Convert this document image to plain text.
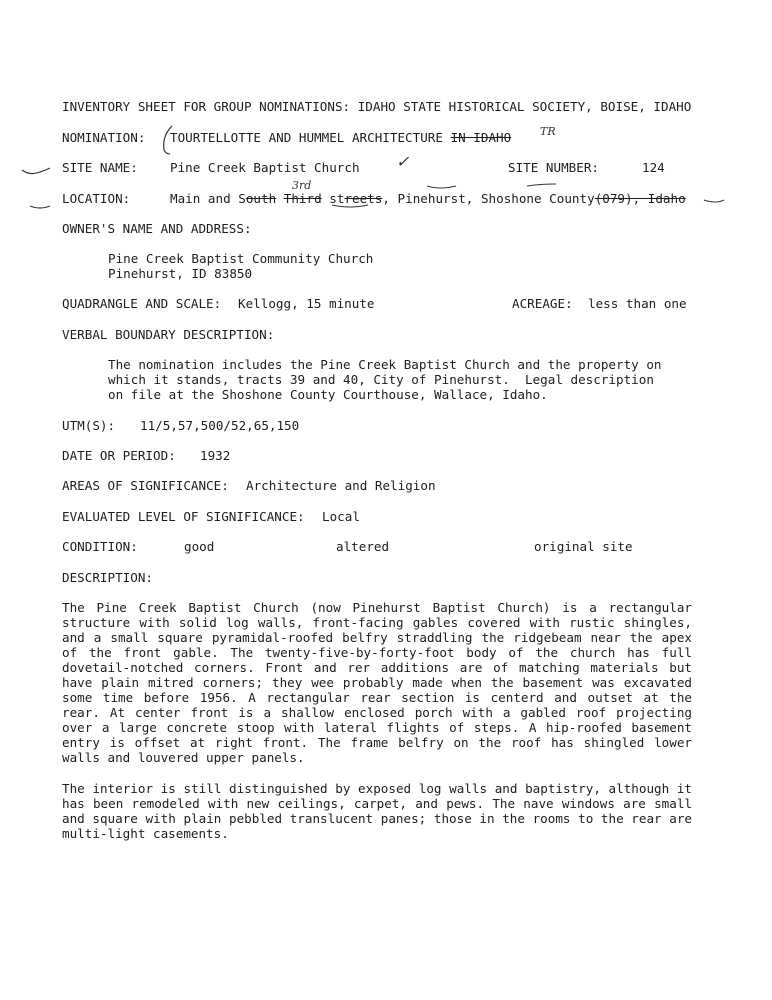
INVENTORY SHEET FOR GROUP NOMINATIONS: IDAHO STATE HISTORICAL SOCIETY, BOISE, IDAHO
NOMINATION: TOURTELLOTTE AND HUMMEL ARCHITECTURE IN IDAHO	TR
SITE NAME:	Pine Creek Baptist Church ✓	SITE NUMBER:	124
LOCATION:
3rd
Main and South Third streets, Pinehurst, Shoshone County(079), Idaho
OWNER'S NAME AND ADDRESS:
Pine Creek Baptist Community Church
Pinehurst, ID 83850
QUADRANGLE AND SCALE: Kellogg, 15 minute	ACREAGE: less than one
VERBAL BOUNDARY DESCRIPTION:
The nomination includes the Pine Creek Baptist Church and the property on
which it stands, tracts 39 and 40, City of Pinehurst.  Legal description
on file at the Shoshone County Courthouse, Wallace, Idaho.
UTM(S): 11/5,57,500/52,65,150
DATE OR PERIOD: 1932
AREAS OF SIGNIFICANCE: Architecture and Religion
EVALUATED LEVEL OF SIGNIFICANCE: Local
CONDITION:	good	altered	original site
DESCRIPTION:
The Pine Creek Baptist Church (now Pinehurst Baptist Church) is a rectangular structure with solid log walls, front-facing gables covered with rustic shingles, and a small square pyramidal-roofed belfry straddling the ridgebeam near the apex of the front gable. The twenty-five-by-forty-foot body of the church has full dovetail-notched corners. Front and rer additions are of matching materials but have plain mitred corners; they wee probably made when the basement was excavated some time before 1956. A rectangular rear section is centerd and outset at the rear. At center front is a shallow enclosed porch with a gabled roof projecting over a large concrete stoop with lateral flights of steps. A hip-roofed basement entry is offset at right front. The frame belfry on the roof has shingled lower walls and louvered upper panels.
The interior is still distinguished by exposed log walls and baptistry, although it has been remodeled with new ceilings, carpet, and pews. The nave windows are small and square with plain pebbled translucent panes; those in the rooms to the rear are multi-light casements.
